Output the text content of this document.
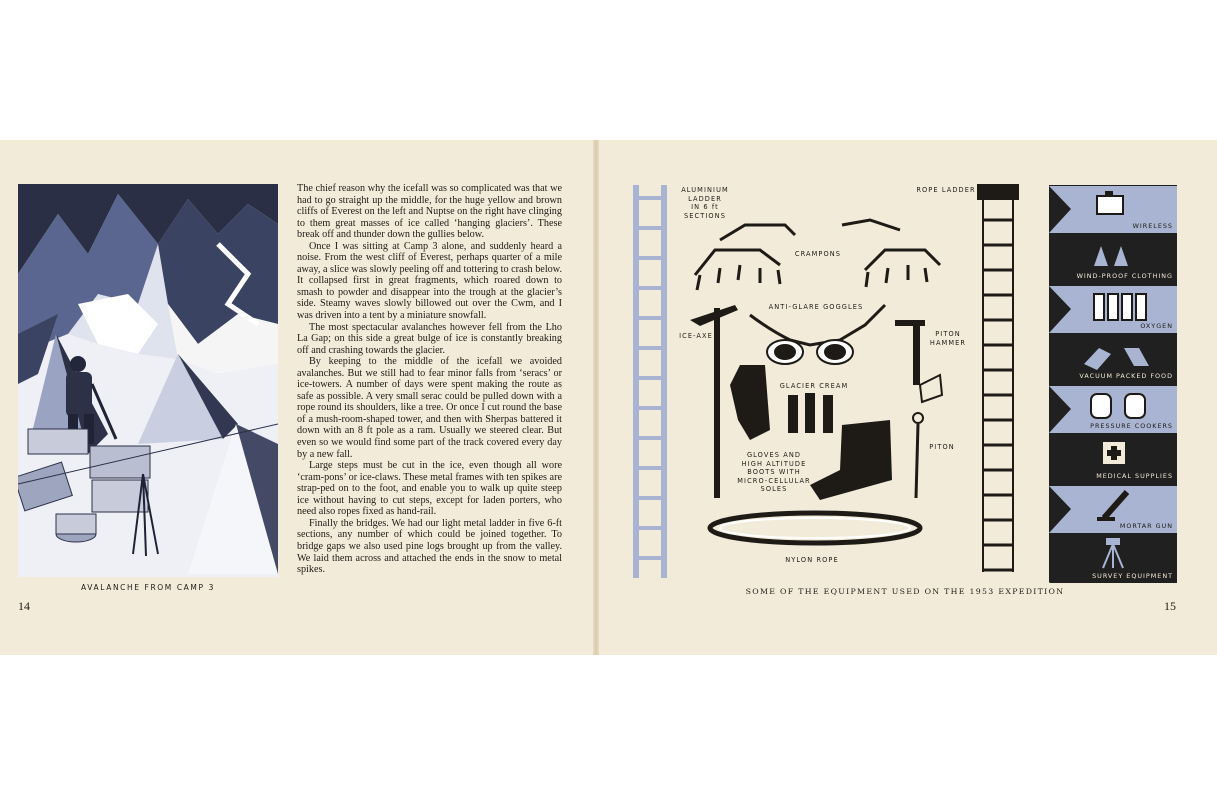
AVALANCHE FROM CAMP 3
14

The chief reason why the icefall was so complicated was that we had to go straight up the middle, for the huge yellow and brown cliffs of Everest on the left and Nuptse on the right have clinging to them great masses of ice called ‘hanging glaciers’. These break off and thunder down the gullies below.

Once I was sitting at Camp 3 alone, and suddenly heard a noise. From the west cliff of Everest, perhaps quarter of a mile away, a slice was slowly peeling off and tottering to crash below. It collapsed first in great fragments, which roared down to smash to powder and disappear into the trough at the glacier’s side. Steamy waves slowly billowed out over the Cwm, and I was driven into a tent by a miniature snowfall.

The most spectacular avalanches however fell from the Lho La Gap; on this side a great bulge of ice is constantly breaking off and crashing towards the glacier.

By keeping to the middle of the icefall we avoided avalanches. But we still had to fear minor falls from ‘seracs’ or ice-towers. A number of days were spent making the route as safe as possible. A very small serac could be pulled down with a rope round its shoulders, like a tree. Or once I cut round the base of a mush-room-shaped tower, and then with Sherpas battered it down with an 8 ft pole as a ram. Usually we steered clear. But even so we would find some part of the track covered every day by a new fall.

Large steps must be cut in the ice, even though all wore ‘cram-pons’ or ice-claws. These metal frames with ten spikes are strap-ped on to the foot, and enable you to walk up quite steep ice without having to cut steps, except for laden porters, who need also ropes fixed as hand-rail.

Finally the bridges. We had our light metal ladder in five 6-ft sections, any number of which could be joined together. To bridge gaps we also used pine logs brought up from the valley. We laid them across and attached the ends in the snow to metal spikes.

ALUMINIUM LADDER
IN 6 ft SECTIONS
ROPE LADDER
CRAMPONS
ANTI-GLARE GOGGLES
ICE-AXE	PITON
HAMMER
GLACIER CREAM
GLOVES AND
HIGH ALTITUDE
BOOTS WITH
MICRO-CELLULAR
SOLES
PITON
NYLON ROPE
WIRELESS
WIND-PROOF CLOTHING
OXYGEN
VACUUM PACKED FOOD
PRESSURE COOKERS
MEDICAL SUPPLIES
MORTAR GUN
SURVEY EQUIPMENT
SOME OF THE EQUIPMENT USED ON THE 1953 EXPEDITION
15
